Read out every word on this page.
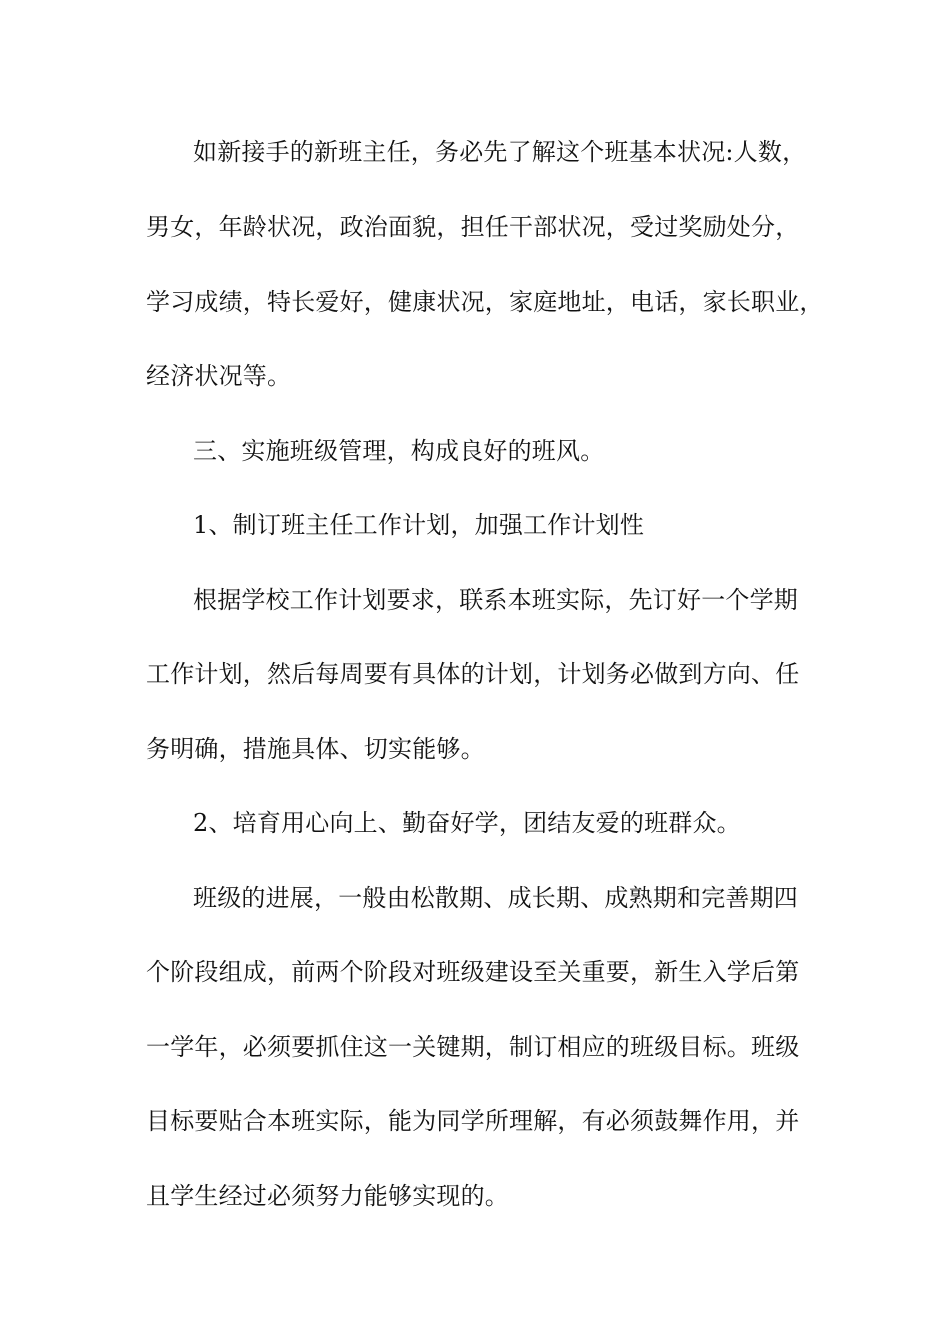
如新接手的新班主任，务必先了解这个班基本状况:人数，
男女，年龄状况，政治面貌，担任干部状况，受过奖励处分，
学习成绩，特长爱好，健康状况，家庭地址，电话，家长职业，
经济状况等。
三、实施班级管理，构成良好的班风。
1、制订班主任工作计划，加强工作计划性
根据学校工作计划要求，联系本班实际，先订好一个学期
工作计划，然后每周要有具体的计划，计划务必做到方向、任
务明确，措施具体、切实能够。
2、培育用心向上、勤奋好学，团结友爱的班群众。
班级的进展，一般由松散期、成长期、成熟期和完善期四
个阶段组成，前两个阶段对班级建设至关重要，新生入学后第
一学年，必须要抓住这一关键期，制订相应的班级目标。班级
目标要贴合本班实际，能为同学所理解，有必须鼓舞作用，并
且学生经过必须努力能够实现的。
